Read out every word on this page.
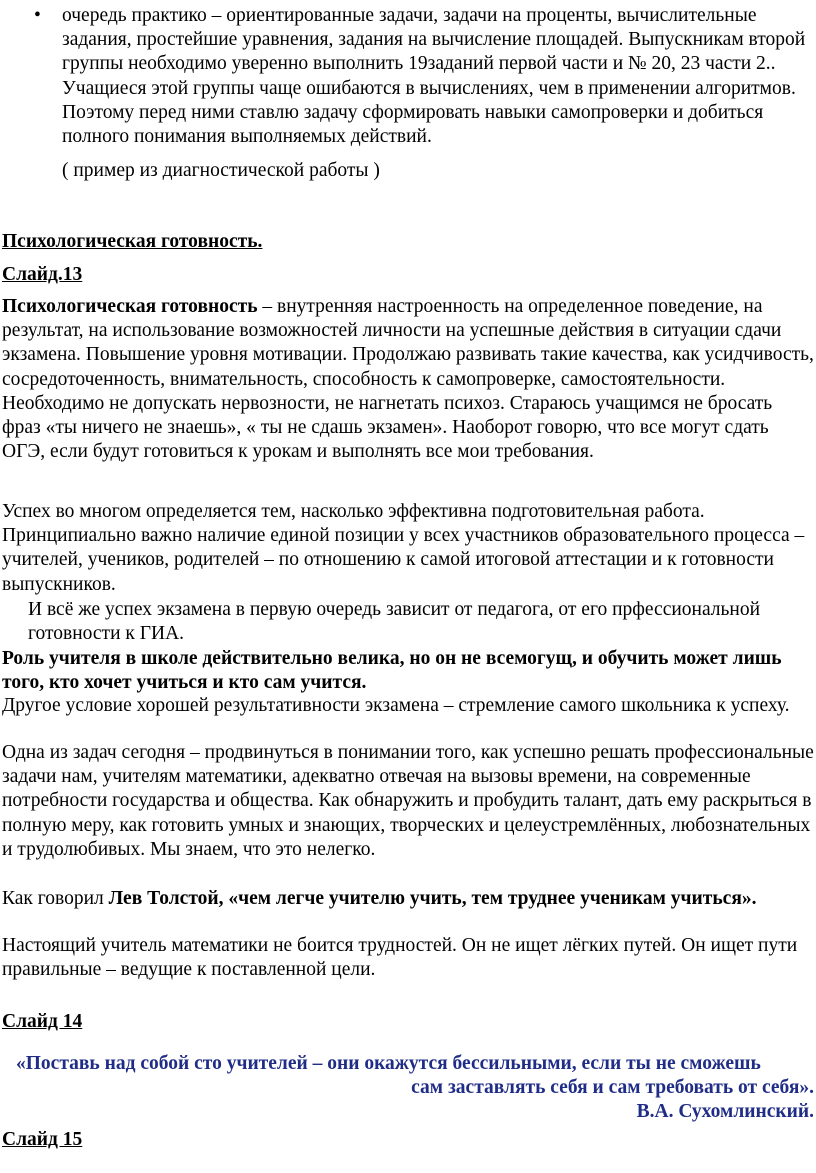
•	очередь практико – ориентированные задачи, задачи на проценты, вычислительные задания, простейшие уравнения, задания на вычисление площадей. Выпускникам второй группы необходимо уверенно выполнить 19заданий первой части и № 20, 23 части 2.. Учащиеся этой группы чаще ошибаются в вычислениях, чем в применении алгоритмов. Поэтому перед ними ставлю задачу сформировать навыки самопроверки и добиться полного понимания выполняемых действий.
( пример из диагностической работы )
Психологическая готовность.
Слайд.13
Психологическая готовность – внутренняя настроенность на определенное поведение, на результат, на использование возможностей личности на успешные действия в ситуации сдачи экзамена. Повышение уровня мотивации. Продолжаю развивать такие качества, как усидчивость, сосредоточенность, внимательность, способность к самопроверке, самостоятельности. Необходимо не допускать нервозности, не нагнетать психоз. Стараюсь учащимся не бросать фраз «ты ничего не знаешь», « ты не сдашь экзамен». Наоборот говорю, что все могут сдать ОГЭ, если будут готовиться к урокам и выполнять все мои требования.
Успех во многом определяется тем, насколько эффективна подготовительная работа. Принципиально важно наличие единой позиции у всех участников образовательного процесса – учителей, учеников, родителей – по отношению к самой итоговой аттестации и к готовности выпускников.
И всё же успех экзамена в первую очередь зависит от педагога, от его прфессиональной готовности к ГИА.
Роль учителя в школе действительно велика, но он не всемогущ, и обучить может лишь того, кто хочет учиться и кто сам учится.
Другое условие хорошей результативности экзамена – стремление самого школьника к успеху.
Одна из задач сегодня – продвинуться в понимании того, как успешно решать профессиональные задачи нам, учителям математики, адекватно отвечая на вызовы времени, на современные потребности государства и общества. Как обнаружить и пробудить талант, дать ему раскрыться в полную меру, как готовить умных и знающих, творческих и целеустремлённых, любознательных и трудолюбивых. Мы знаем, что это нелегко.
Как говорил Лев Толстой, «чем легче учителю учить, тем труднее ученикам учиться».
Настоящий учитель математики не боится трудностей. Он не ищет лёгких путей. Он ищет пути правильные – ведущие к поставленной цели.
Слайд 14
«Поставь над собой сто учителей – они окажутся бессильными, если ты не сможешь
сам заставлять себя и сам требовать от себя».
В.А. Сухомлинский.
Слайд 15
